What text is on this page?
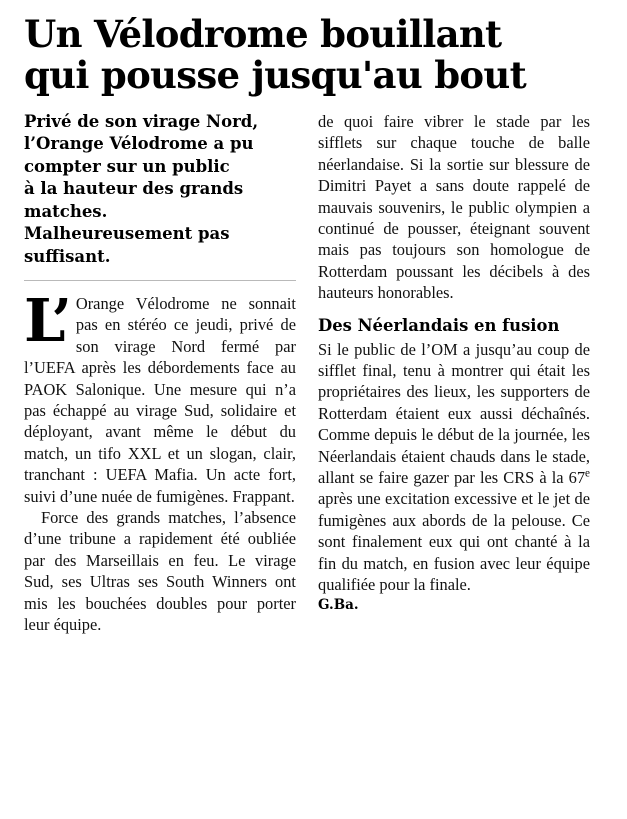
Un Vélodrome bouillant
qui pousse jusqu'au bout

Privé de son virage Nord,

l’Orange Vélodrome a pu

compter sur un public

à la hauteur des grands

matches.

Malheureusement pas

suffisant.

L’Orange Vélodrome ne sonnait pas en stéréo ce jeudi, privé de son virage Nord fermé par l’UEFA après les débordements face au PAOK Salonique. Une mesure qui n’a pas échappé au virage Sud, solidaire et déployant, avant même le début du match, un tifo XXL et un slogan, clair, tranchant : UEFA Mafia. Un acte fort, suivi d’une nuée de fumigènes. Frappant.

Force des grands matches, l’absence d’une tribune a rapidement été oubliée par des Marseillais en feu. Le virage Sud, ses Ultras ses South Winners ont mis les bouchées doubles pour porter leur équipe.

de quoi faire vibrer le stade par les sifflets sur chaque touche de balle néerlandaise. Si la sortie sur blessure de Dimitri Payet a sans doute rappelé de mauvais souvenirs, le public olympien a continué de pousser, éteignant souvent mais pas toujours son homologue de Rotterdam poussant les décibels à des hauteurs honorables.

Des Néerlandais en fusion

Si le public de l’OM a jusqu’au coup de sifflet final, tenu à montrer qui était les propriétaires des lieux, les supporters de Rotterdam étaient eux aussi déchaînés. Comme depuis le début de la journée, les Néerlandais étaient chauds dans le stade, allant se faire gazer par les CRS à la 67e après une excitation excessive et le jet de fumigènes aux abords de la pelouse. Ce sont finalement eux qui ont chanté à la fin du match, en fusion avec leur équipe qualifiée pour la finale.

G.Ba.
